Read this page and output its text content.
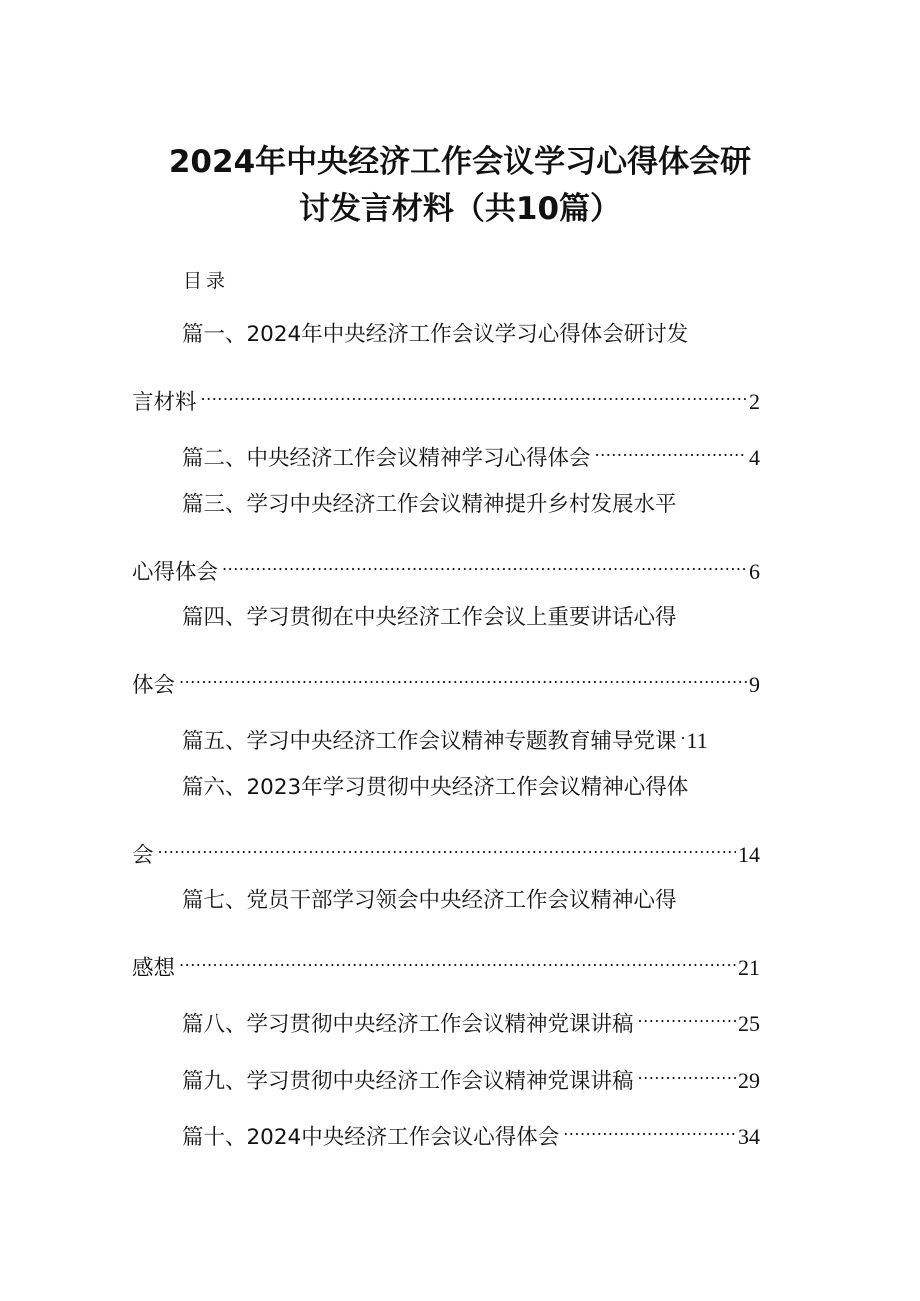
2024年中央经济工作会议学习心得体会研
讨发言材料（共10篇）
目录
篇一、2024年中央经济工作会议学习心得体会研讨发
言材料 .....	2
篇二、中央经济工作会议精神学习心得体会 .....	4
篇三、学习中央经济工作会议精神提升乡村发展水平
心得体会 .....	6
篇四、学习贯彻在中央经济工作会议上重要讲话心得
体会 .....	9
篇五、学习中央经济工作会议精神专题教育辅导党课 ..... 11
篇六、2023年学习贯彻中央经济工作会议精神心得体
会 .....	14
篇七、党员干部学习领会中央经济工作会议精神心得
感想 .....	21
篇八、学习贯彻中央经济工作会议精神党课讲稿 .....	25
篇九、学习贯彻中央经济工作会议精神党课讲稿 .....	29
篇十、2024中央经济工作会议心得体会 .....	34
